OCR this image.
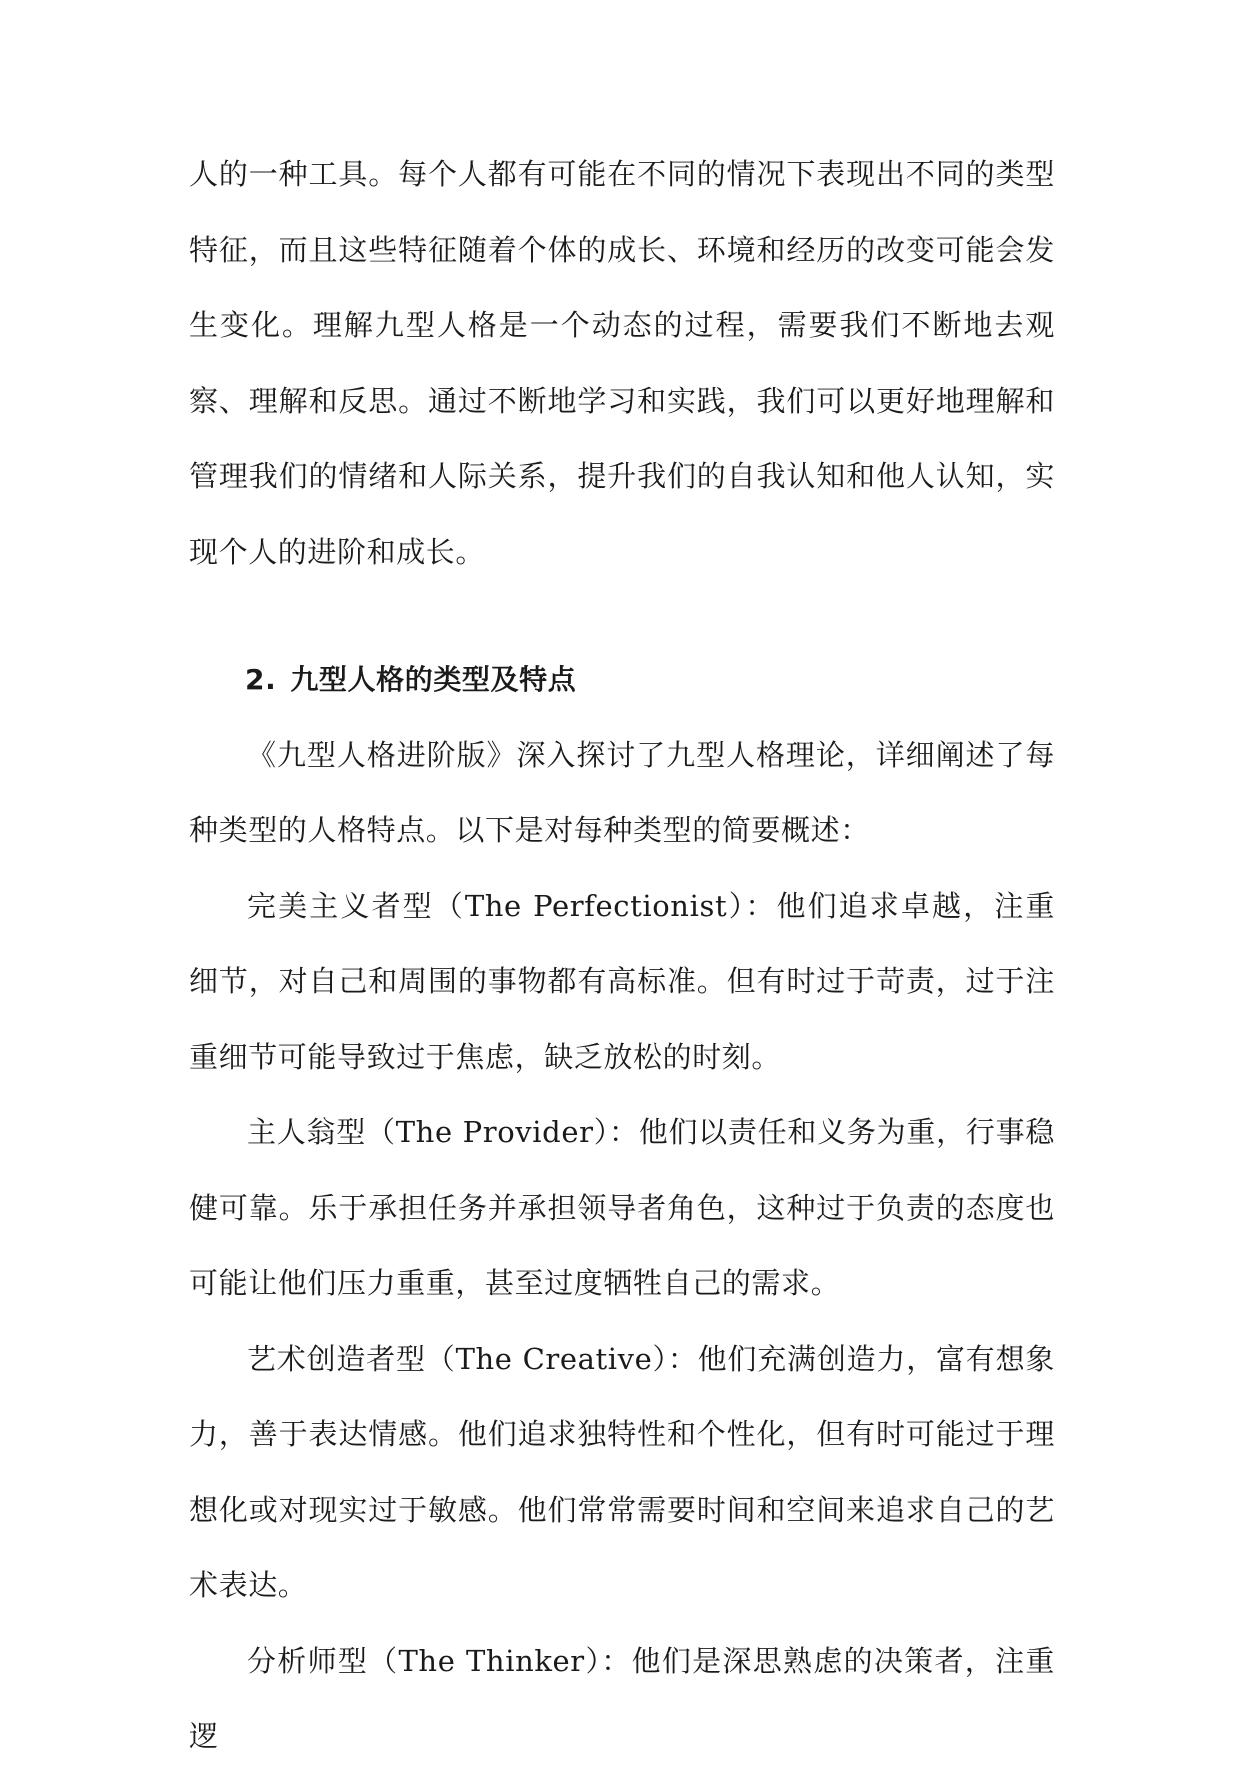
人的一种工具。每个人都有可能在不同的情况下表现出不同的类型特征，而且这些特征随着个体的成长、环境和经历的改变可能会发生变化。理解九型人格是一个动态的过程，需要我们不断地去观察、理解和反思。通过不断地学习和实践，我们可以更好地理解和管理我们的情绪和人际关系，提升我们的自我认知和他人认知，实现个人的进阶和成长。

2. 九型人格的类型及特点

《九型人格进阶版》深入探讨了九型人格理论，详细阐述了每种类型的人格特点。以下是对每种类型的简要概述：

完美主义者型（The Perfectionist）：他们追求卓越，注重细节，对自己和周围的事物都有高标准。但有时过于苛责，过于注重细节可能导致过于焦虑，缺乏放松的时刻。

主人翁型（The Provider）：他们以责任和义务为重，行事稳健可靠。乐于承担任务并承担领导者角色，这种过于负责的态度也可能让他们压力重重，甚至过度牺牲自己的需求。

艺术创造者型（The Creative）：他们充满创造力，富有想象力，善于表达情感。他们追求独特性和个性化，但有时可能过于理想化或对现实过于敏感。他们常常需要时间和空间来追求自己的艺术表达。

分析师型（The Thinker）：他们是深思熟虑的决策者，注重逻
